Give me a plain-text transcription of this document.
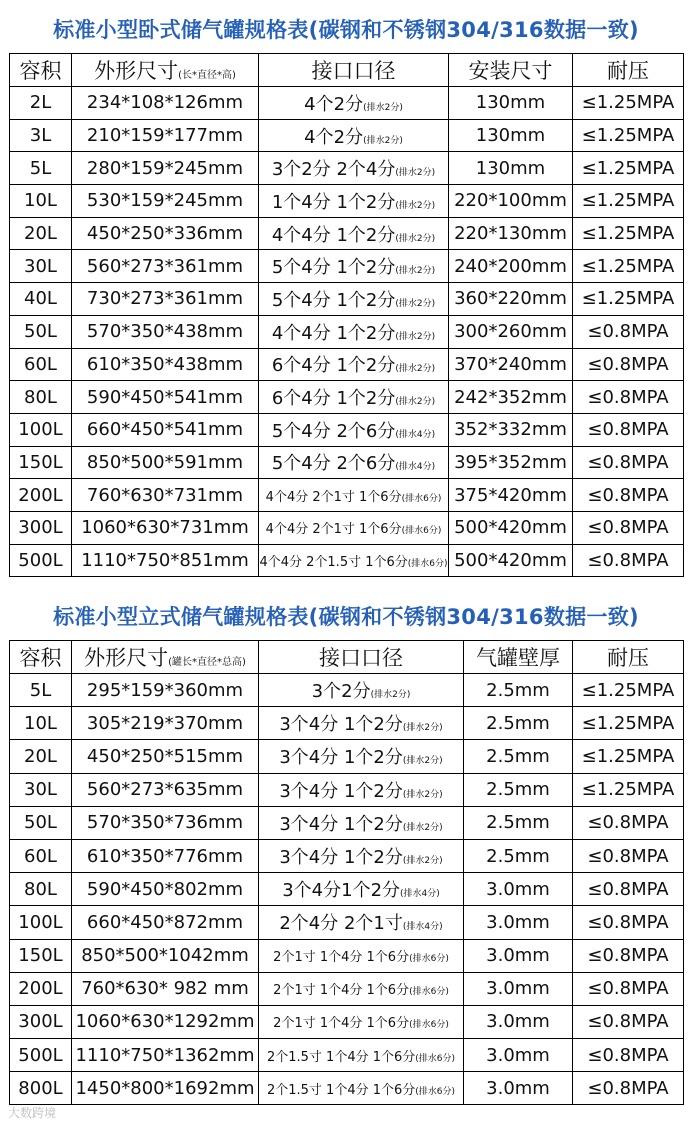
标准小型卧式储气罐规格表(碳钢和不锈钢304/316数据一致)
容积	外形尺寸(长*直径*高)	接口口径	安装尺寸	耐压
2L	234*108*126mm	4个2分(排水2分)	130mm	≤1.25MPA
3L	210*159*177mm	4个2分(排水2分)	130mm	≤1.25MPA
5L	280*159*245mm	3个2分 2个4分(排水2分)	130mm	≤1.25MPA
10L	530*159*245mm	1个4分 1个2分(排水2分)	220*100mm	≤1.25MPA
20L	450*250*336mm	4个4分 1个2分(排水2分)	220*130mm	≤1.25MPA
30L	560*273*361mm	5个4分 1个2分(排水2分)	240*200mm	≤1.25MPA
40L	730*273*361mm	5个4分 1个2分(排水2分)	360*220mm	≤1.25MPA
50L	570*350*438mm	4个4分 1个2分(排水2分)	300*260mm	≤0.8MPA
60L	610*350*438mm	6个4分 1个2分(排水2分)	370*240mm	≤0.8MPA
80L	590*450*541mm	6个4分 1个2分(排水2分)	242*352mm	≤0.8MPA
100L	660*450*541mm	5个4分 2个6分(排水4分)	352*332mm	≤0.8MPA
150L	850*500*591mm	5个4分 2个6分(排水4分)	395*352mm	≤0.8MPA
200L	760*630*731mm	4个4分 2个1寸 1个6分(排水6分)	375*420mm	≤0.8MPA
300L	1060*630*731mm	4个4分 2个1寸 1个6分(排水6分)	500*420mm	≤0.8MPA
500L	1110*750*851mm	4个4分 2个1.5寸 1个6分(排水6分)	500*420mm	≤0.8MPA
标准小型立式储气罐规格表(碳钢和不锈钢304/316数据一致)
容积	外形尺寸(罐长*直径*总高)	接口口径	气罐壁厚	耐压
5L	295*159*360mm	3个2分(排水2分)	2.5mm	≤1.25MPA
10L	305*219*370mm	3个4分 1个2分(排水2分)	2.5mm	≤1.25MPA
20L	450*250*515mm	3个4分 1个2分(排水2分)	2.5mm	≤1.25MPA
30L	560*273*635mm	3个4分 1个2分(排水2分)	2.5mm	≤1.25MPA
50L	570*350*736mm	3个4分 1个2分(排水2分)	2.5mm	≤0.8MPA
60L	610*350*776mm	3个4分 1个2分(排水2分)	2.5mm	≤0.8MPA
80L	590*450*802mm	3个4分1个2分(排水4分)	3.0mm	≤0.8MPA
100L	660*450*872mm	2个4分 2个1寸(排水4分)	3.0mm	≤0.8MPA
150L	850*500*1042mm	2个1寸 1个4分 1个6分(排水6分)	3.0mm	≤0.8MPA
200L	760*630* 982 mm	2个1寸 1个4分 1个6分(排水6分)	3.0mm	≤0.8MPA
300L	1060*630*1292mm	2个1寸 1个4分 1个6分(排水6分)	3.0mm	≤0.8MPA
500L	1110*750*1362mm	2个1.5寸 1个4分 1个6分(排水6分)	3.0mm	≤0.8MPA
800L	1450*800*1692mm	2个1.5寸 1个4分 1个6分(排水6分)	3.0mm	≤0.8MPA
大数跨境
